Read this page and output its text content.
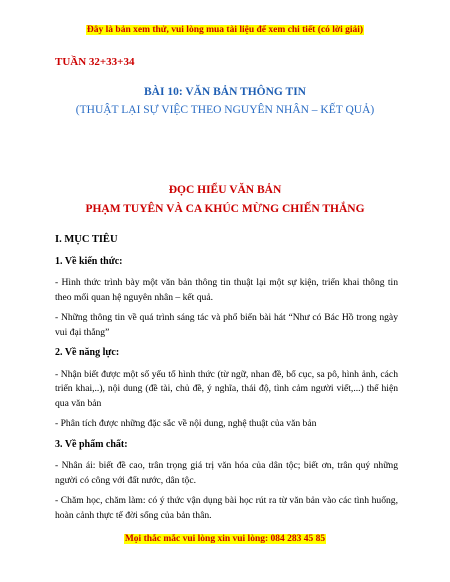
Đây là bản xem thử, vui lòng mua tài liệu để xem chi tiết (có lời giải)
TUẦN 32+33+34
BÀI 10: VĂN BẢN THÔNG TIN
(THUẬT LẠI SỰ VIỆC THEO NGUYÊN NHÂN – KẾT QUẢ)
ĐỌC HIỂU VĂN BẢN
PHẠM TUYÊN VÀ CA KHÚC MỪNG CHIẾN THẮNG

I. MỤC TIÊU

1. Về kiến thức:

- Hình thức trình bày một văn bản thông tin thuật lại một sự kiện, triển khai thông tin theo mối quan hệ nguyên nhân – kết quả.

- Những thông tin về quá trình sáng tác và phổ biến bài hát “Như có Bác Hồ trong ngày vui đại thắng”

2. Về năng lực:

- Nhận biết được một số yếu tố hình thức (từ ngữ, nhan đề, bố cục, sa pô, hình ảnh, cách triển khai,..), nội dung (đề tài, chủ đề, ý nghĩa, thái độ, tình cảm người viết,...) thể hiện qua văn bản

- Phân tích được những đặc sắc về nội dung, nghệ thuật của văn bản

3. Về phẩm chất:

- Nhân ái: biết đề cao, trân trọng giá trị văn hóa của dân tộc; biết ơn, trân quý những người có công với đất nước, dân tộc.

- Chăm học, chăm làm: có ý thức vận dụng bài học rút ra từ văn bản vào các tình huống, hoàn cảnh thực tế đời sống của bản thân.

Mọi thắc mắc vui lòng xin vui lòng: 084 283 45 85
